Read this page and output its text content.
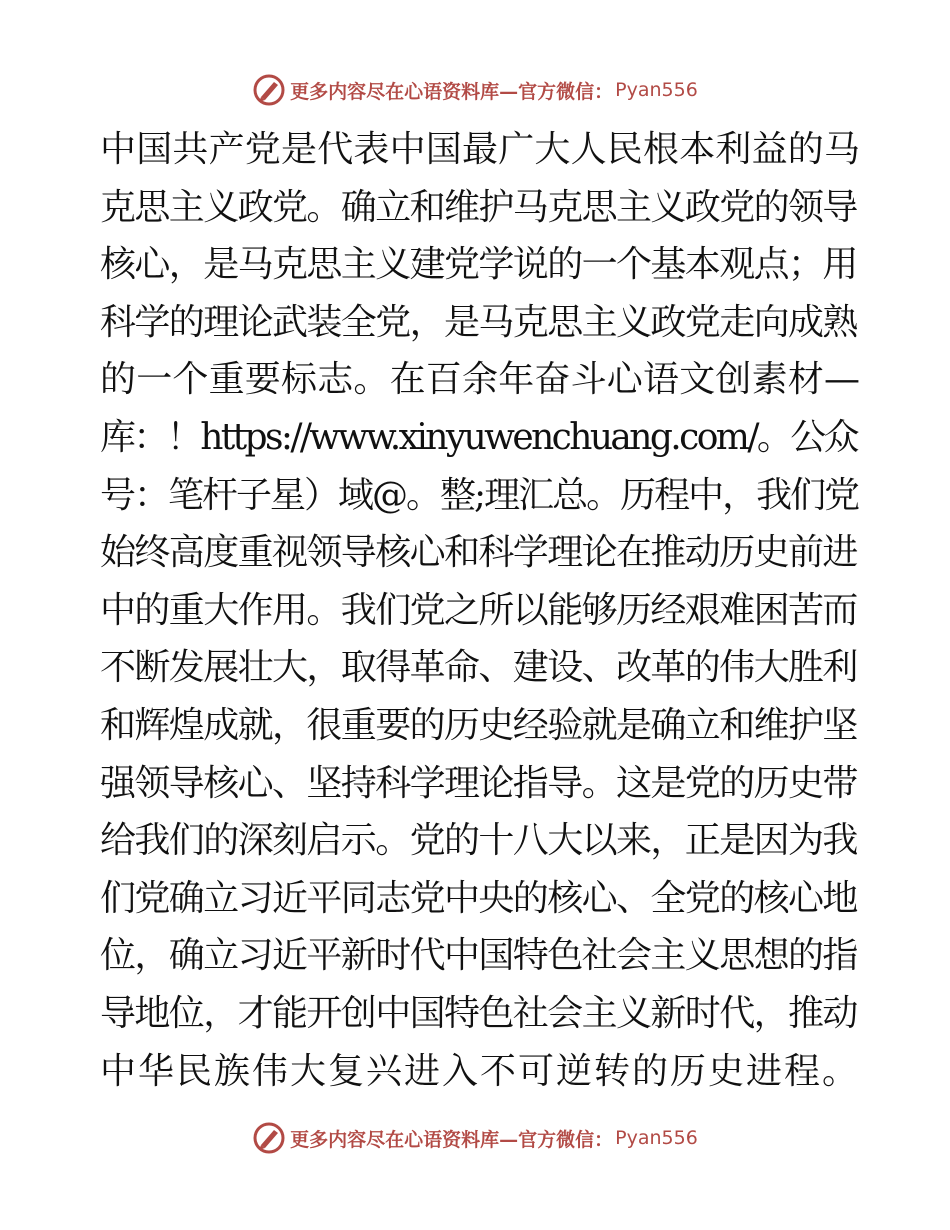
更多内容尽在心语资料库—官方微信： Pyan556
中国共产党是代表中国最广大人民根本利益的马
克思主义政党。确立和维护马克思主义政党的领导
核心，是马克思主义建党学说的一个基本观点；用
科学的理论武装全党，是马克思主义政党走向成熟
的一个重要标志。在百余年奋斗心语文创素材—
库：！https://www.xinyuwenchuang.com/。公众
号：笔杆子星）域@。整;理汇总。历程中，我们党
始终高度重视领导核心和科学理论在推动历史前进
中的重大作用。我们党之所以能够历经艰难困苦而
不断发展壮大，取得革命、建设、改革的伟大胜利
和辉煌成就，很重要的历史经验就是确立和维护坚
强领导核心、坚持科学理论指导。这是党的历史带
给我们的深刻启示。党的十八大以来，正是因为我
们党确立习近平同志党中央的核心、全党的核心地
位，确立习近平新时代中国特色社会主义思想的指
导地位，才能开创中国特色社会主义新时代，推动
中华民族伟大复兴进入不可逆转的历史进程。
更多内容尽在心语资料库—官方微信： Pyan556
